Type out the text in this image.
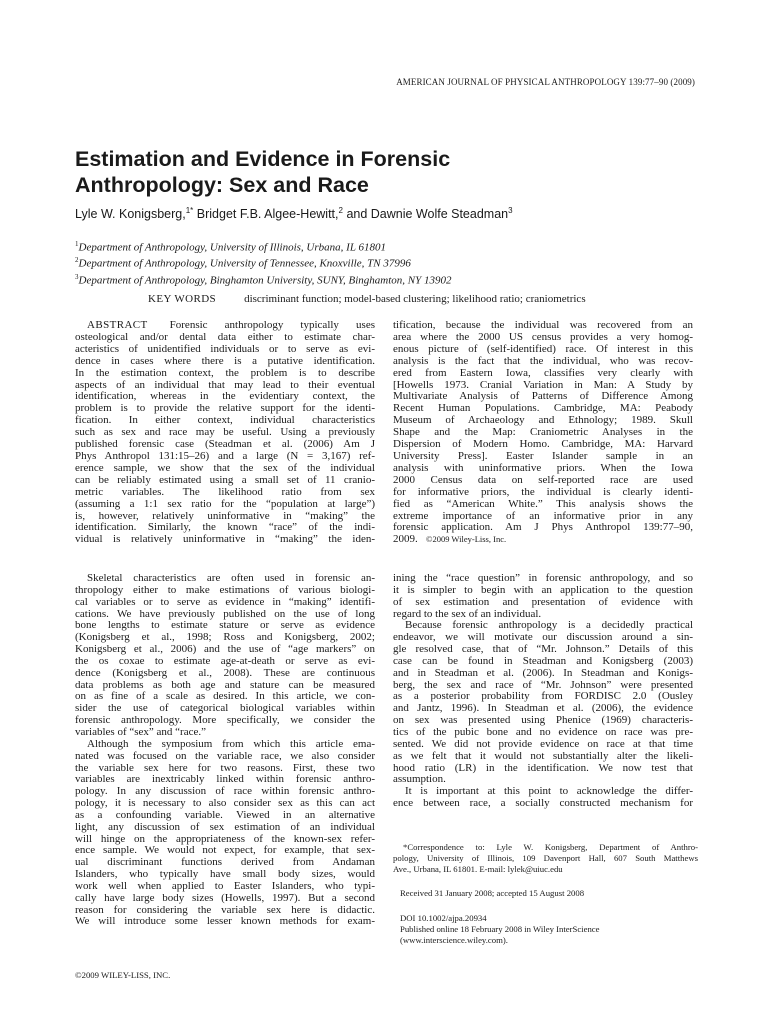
AMERICAN JOURNAL OF PHYSICAL ANTHROPOLOGY 139:77–90 (2009)
Estimation and Evidence in Forensic
Anthropology: Sex and Race
Lyle W. Konigsberg,$^{1*}$ Bridget F.B. Algee-Hewitt,$^2$ and Dawnie Wolfe Steadman$^3$
$^1$Department of Anthropology, University of Illinois, Urbana, IL 61801
$^2$Department of Anthropology, University of Tennessee, Knoxville, TN 37996
$^3$Department of Anthropology, Binghamton University, SUNY, Binghamton, NY 13902
KEY WORDS	discriminant function; model-based clustering; likelihood ratio; craniometrics
ABSTRACT Forensic anthropology typically uses
osteological and/or dental data either to estimate char-
acteristics of unidentified individuals or to serve as evi-
dence in cases where there is a putative identification.
In the estimation context, the problem is to describe
aspects of an individual that may lead to their eventual
identification, whereas in the evidentiary context, the
problem is to provide the relative support for the identi-
fication. In either context, individual characteristics
such as sex and race may be useful. Using a previously
published forensic case (Steadman et al. (2006) Am J
Phys Anthropol 131:15–26) and a large (N = 3,167) ref-
erence sample, we show that the sex of the individual
can be reliably estimated using a small set of 11 cranio-
metric variables. The likelihood ratio from sex
(assuming a 1:1 sex ratio for the “population at large”)
is, however, relatively uninformative in “making” the
identification. Similarly, the known “race” of the indi-
vidual is relatively uninformative in “making” the iden-
tification, because the individual was recovered from an
area where the 2000 US census provides a very homog-
enous picture of (self-identified) race. Of interest in this
analysis is the fact that the individual, who was recov-
ered from Eastern Iowa, classifies very clearly with
[Howells 1973. Cranial Variation in Man: A Study by
Multivariate Analysis of Patterns of Difference Among
Recent Human Populations. Cambridge, MA: Peabody
Museum of Archaeology and Ethnology; 1989. Skull
Shape and the Map: Craniometric Analyses in the
Dispersion of Modern Homo. Cambridge, MA: Harvard
University Press]. Easter Islander sample in an
analysis with uninformative priors. When the Iowa
2000 Census data on self-reported race are used
for informative priors, the individual is clearly identi-
fied as “American White.” This analysis shows the
extreme importance of an informative prior in any
forensic application. Am J Phys Anthropol 139:77–90,
2009. ©2009 Wiley-Liss, Inc.
Skeletal characteristics are often used in forensic an-
thropology either to make estimations of various biologi-
cal variables or to serve as evidence in “making” identifi-
cations. We have previously published on the use of long
bone lengths to estimate stature or serve as evidence
(Konigsberg et al., 1998; Ross and Konigsberg, 2002;
Konigsberg et al., 2006) and the use of “age markers” on
the os coxae to estimate age-at-death or serve as evi-
dence (Konigsberg et al., 2008). These are continuous
data problems as both age and stature can be measured
on as fine of a scale as desired. In this article, we con-
sider the use of categorical biological variables within
forensic anthropology. More specifically, we consider the
variables of “sex” and “race.”
Although the symposium from which this article ema-
nated was focused on the variable race, we also consider
the variable sex here for two reasons. First, these two
variables are inextricably linked within forensic anthro-
pology. In any discussion of race within forensic anthro-
pology, it is necessary to also consider sex as this can act
as a confounding variable. Viewed in an alternative
light, any discussion of sex estimation of an individual
will hinge on the appropriateness of the known-sex refer-
ence sample. We would not expect, for example, that sex-
ual discriminant functions derived from Andaman
Islanders, who typically have small body sizes, would
work well when applied to Easter Islanders, who typi-
cally have large body sizes (Howells, 1997). But a second
reason for considering the variable sex here is didactic.
We will introduce some lesser known methods for exam-
ining the “race question” in forensic anthropology, and so
it is simpler to begin with an application to the question
of sex estimation and presentation of evidence with
regard to the sex of an individual.
Because forensic anthropology is a decidedly practical
endeavor, we will motivate our discussion around a sin-
gle resolved case, that of “Mr. Johnson.” Details of this
case can be found in Steadman and Konigsberg (2003)
and in Steadman et al. (2006). In Steadman and Konigs-
berg, the sex and race of “Mr. Johnson” were presented
as a posterior probability from FORDISC 2.0 (Ousley
and Jantz, 1996). In Steadman et al. (2006), the evidence
on sex was presented using Phenice (1969) characteris-
tics of the pubic bone and no evidence on race was pre-
sented. We did not provide evidence on race at that time
as we felt that it would not substantially alter the likeli-
hood ratio (LR) in the identification. We now test that
assumption.
It is important at this point to acknowledge the differ-
ence between race, a socially constructed mechanism for
*Correspondence to: Lyle W. Konigsberg, Department of Anthro-
pology, University of Illinois, 109 Davenport Hall, 607 South Matthews
Ave., Urbana, IL 61801. E-mail: lylek@uiuc.edu
Received 31 January 2008; accepted 15 August 2008
DOI 10.1002/ajpa.20934
Published online 18 February 2008 in Wiley InterScience
(www.interscience.wiley.com).
©2009 WILEY-LISS, INC.
